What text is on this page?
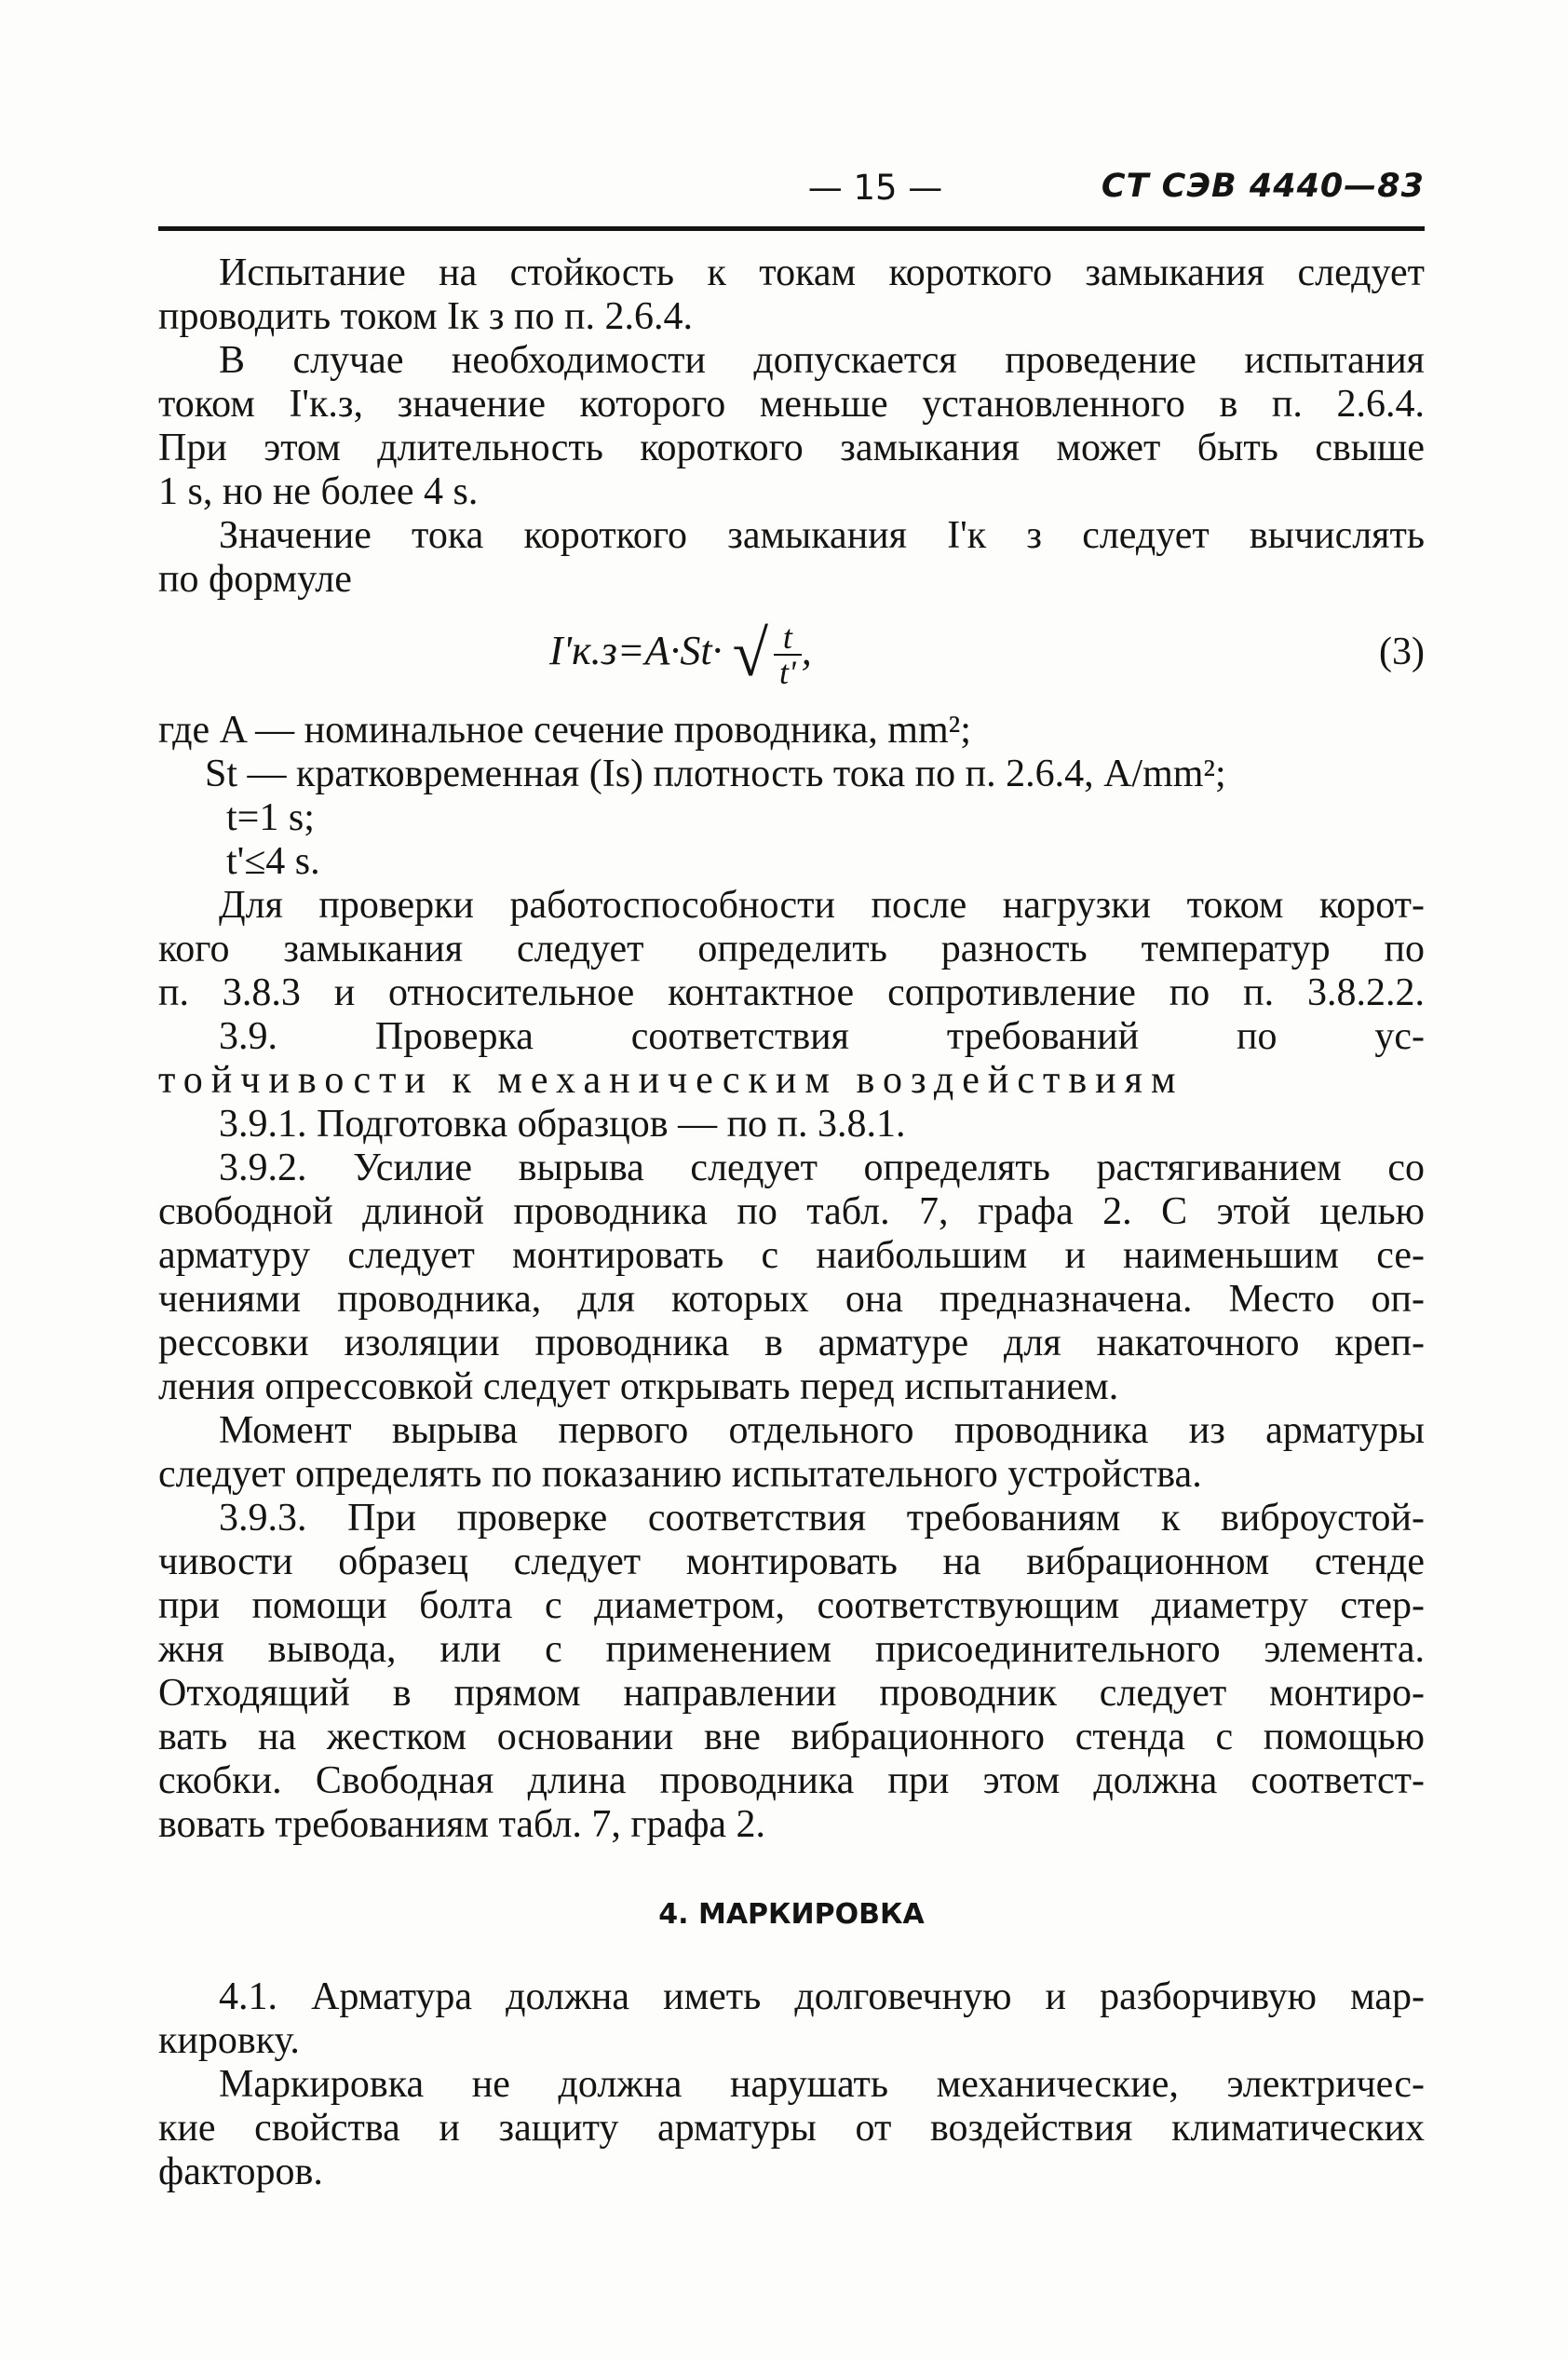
— 15 —	СТ СЭВ 4440—83
Испытание на стойкость к токам короткого замыкания следует
проводить током Iк з по п. 2.6.4.
В случае необходимости допускается проведение испытания
током I'к.з, значение которого меньше установленного в п. 2.6.4.
При этом длительность короткого замыкания может быть свыше
1 s, но не более 4 s.
Значение тока короткого замыкания I'к з следует вычислять
по формуле
I'к.з=A·St· √ $\frac{t}{t'}$ ,	(3)
где A — номинальное сечение проводника, mm²;
St — кратковременная (Is) плотность тока по п. 2.6.4, A/mm²;
t=1 s;
t'≤4 s.
Для проверки работоспособности после нагрузки током корот-
кого замыкания следует определить разность температур по
п. 3.8.3 и относительное контактное сопротивление по п. 3.8.2.2.
3.9. Проверка соответствия требований по ус-
тойчивости к механическим воздействиям
3.9.1. Подготовка образцов — по п. 3.8.1.
3.9.2. Усилие вырыва следует определять растягиванием со
свободной длиной проводника по табл. 7, графа 2. С этой целью
арматуру следует монтировать с наибольшим и наименьшим се-
чениями проводника, для которых она предназначена. Место оп-
рессовки изоляции проводника в арматуре для накаточного креп-
ления опрессовкой следует открывать перед испытанием.
Момент вырыва первого отдельного проводника из арматуры
следует определять по показанию испытательного устройства.
3.9.3. При проверке соответствия требованиям к виброустой-
чивости образец следует монтировать на вибрационном стенде
при помощи болта с диаметром, соответствующим диаметру стер-
жня вывода, или с применением присоединительного элемента.
Отходящий в прямом направлении проводник следует монтиро-
вать на жестком основании вне вибрационного стенда с помощью
скобки. Свободная длина проводника при этом должна соответст-
вовать требованиям табл. 7, графа 2.
4. МАРКИРОВКА
4.1. Арматура должна иметь долговечную и разборчивую мар-
кировку.
Маркировка не должна нарушать механические, электричес-
кие свойства и защиту арматуры от воздействия климатических
факторов.
